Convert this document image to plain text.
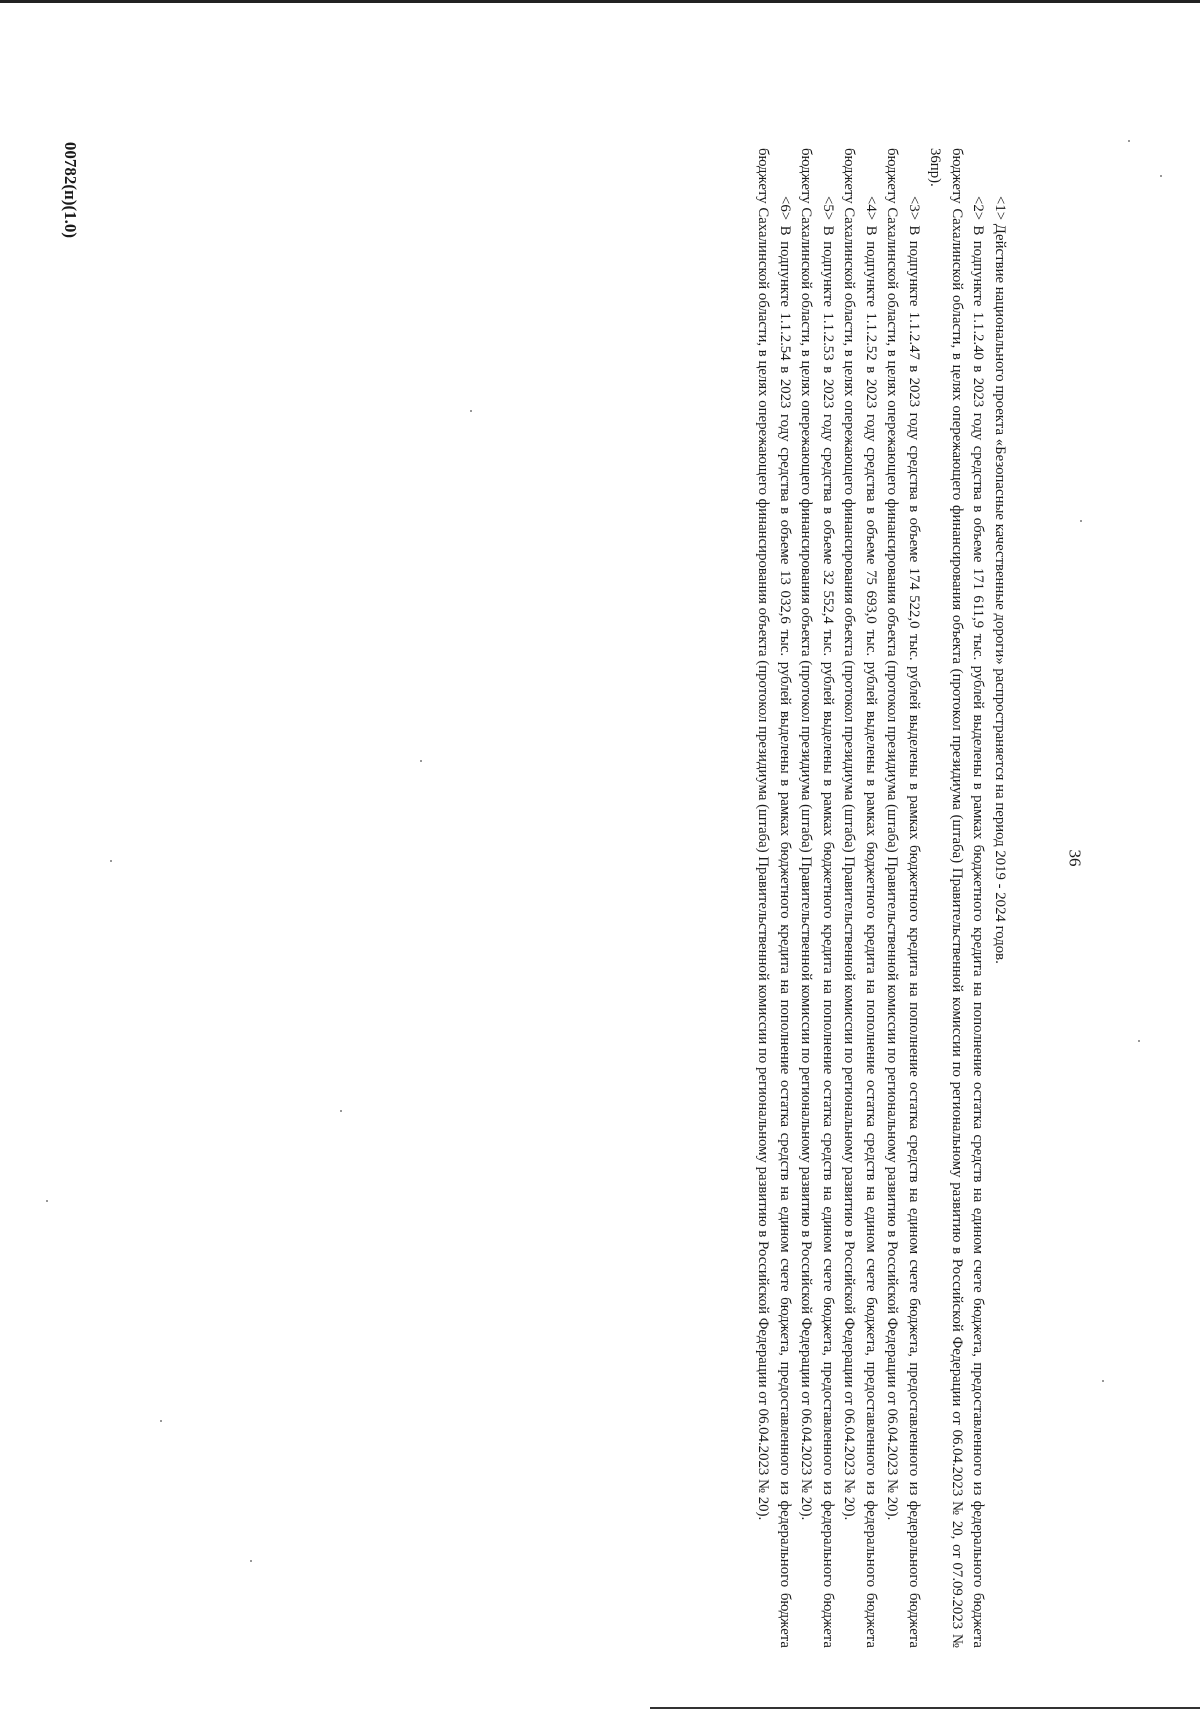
36

<1> Действие национального проекта «Безопасные качественные дороги» распространяется на период 2019 - 2024 годов.

<2> В подпункте 1.1.2.40 в 2023 году средства в объеме 171 611,9 тыс. рублей выделены в рамках бюджетного кредита на пополнение остатка средств на едином счете бюджета, предоставленного из федерального бюджета бюджету Сахалинской области, в целях опережающего финансирования объекта (протокол президиума (штаба) Правительственной комиссии по региональному развитию в Российской Федерации от 06.04.2023 № 20, от 07.09.2023 № 36пр).

<3> В подпункте 1.1.2.47 в 2023 году средства в объеме 174 522,0 тыс. рублей выделены в рамках бюджетного кредита на пополнение остатка средств на едином счете бюджета, предоставленного из федерального бюджета бюджету Сахалинской области, в целях опережающего финансирования объекта (протокол президиума (штаба) Правительственной комиссии по региональному развитию в Российской Федерации от 06.04.2023 № 20).

<4> В подпункте 1.1.2.52 в 2023 году средства в объеме 75 693,0 тыс. рублей выделены в рамках бюджетного кредита на пополнение остатка средств на едином счете бюджета, предоставленного из федерального бюджета бюджету Сахалинской области, в целях опережающего финансирования объекта (протокол президиума (штаба) Правительственной комиссии по региональному развитию в Российской Федерации от 06.04.2023 № 20).

<5> В подпункте 1.1.2.53 в 2023 году средства в объеме 32 552,4 тыс. рублей выделены в рамках бюджетного кредита на пополнение остатка средств на едином счете бюджета, предоставленного из федерального бюджета бюджету Сахалинской области, в целях опережающего финансирования объекта (протокол президиума (штаба) Правительственной комиссии по региональному развитию в Российской Федерации от 06.04.2023 № 20).

<6> В подпункте 1.1.2.54 в 2023 году средства в объеме 13 032,6 тыс. рублей выделены в рамках бюджетного кредита на пополнение остатка средств на едином счете бюджета, предоставленного из федерального бюджета бюджету Сахалинской области, в целях опережающего финансирования объекта (протокол президиума (штаба) Правительственной комиссии по региональному развитию в Российской Федерации от 06.04.2023 № 20).

00782(п)(1.0)
